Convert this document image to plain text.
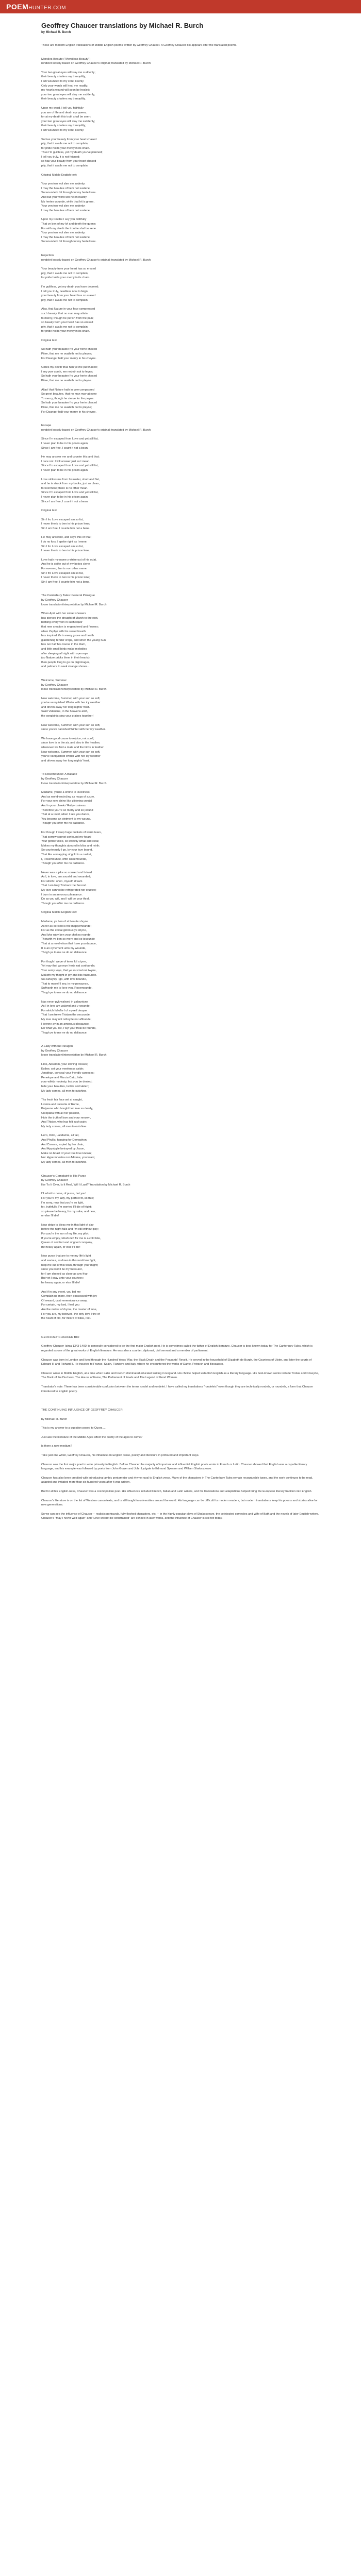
POEMHUNTER.COM
Geoffrey Chaucer translations by Michael R. Burch
by Michael R. Burch
These are modern English translations of Middle English poems written by Geoffrey Chaucer. A Geoffrey Chaucer bio appears after the translated poems.
Merciles Beaute ("Merciless Beauty")
rondelet loosely based on Geoffrey Chaucer's original; translated by Michael R. Burch
Your two great eyes will slay me suddenly;
their beauty shatters my tranquility;
I am wounded to my core, keenly.
Only your words will heal me readily;
my heart's wound will soon be healed;
your two great eyes will slay me suddenly;
their beauty shatters my tranquility.
Upon my word, I tell you faithfully
you are of life and death my queen;
for at my death this truth shall be seen:
your two great eyes will slay me suddenly;
their beauty shatters my tranquility;
I am wounded to my core, keenly.
So has your beauty from your heart chased
pity, that it avails me not to complain;
for pride holds your mercy in its chain.
Thus I'm guiltless, yet my death you've planned;
I tell you truly, it is not feigned;
so has your beauty from your heart chased
pity, that it avails me not to complain.
Original Middle English text:
Your yen two wol slee me sodenly;
I may the beautee of hem not sustene,
So woundeth hit thourghout my herte kene.
And but your word wol helen hastily
My hertes wounde, while that hit is grene,
Your yen two wol slee me sodenly;
I may the beautee of hem not sustene.
Upon my trouthe I sey you feithfully
That ye ben of my lyf and deeth the quene;
For with my deeth the trouthe shal be sene.
Your yen two wol slee me sodenly;
I may the beautee of hem not sustene,
So woundeth hit thourghout my herte kene.
Rejection
rondelet loosely based on Geoffrey Chaucer's original; translated by Michael R. Burch
Your beauty from your heart has so erased
pity, that it avails me not to complain;
for pride holds your mercy in its chain.
I'm guiltless, yet my death you have decreed;
I tell you truly, needless now to feign:
your beauty from your heart has so erased
pity, that it avails me not to complain.
Alas, that Nature in your face compressed
such beauty, that no man may attain
to mercy, though he perish from the pain;
so beauty from your heart has so erased
pity, that it avails me not to complain;
for pride holds your mercy in its chain.
Original text:
So hath your beautee fro your herte chaced
Pitee, that me ne availeth not to pleyne;
For Daunger halt your mercy in his cheyne.
Giltles my deeth thus han ye me purchaced;
I sey yow sooth, me nedeth not to feyne;
So hath your beautee fro your herte chaced
Pitee, that me ne availeth not to pleyne.
Allas! that Nature hath in yow compassed
So greet beautee, that no man may atteyne
To mercy, though he sterve for the peyne.
So hath your beautee fro your herte chaced
Pitee, that me ne availeth not to pleyne;
For Daunger halt your mercy in his cheyne.
Escape
rondelet loosely based on Geoffrey Chaucer's original; translated by Michael R. Burch
Since I'm escaped from Love and yet still fat,
I never plan to be in his prison again;
Since I am free, I count it not a bean.
He may answer me and counter this and that;
I care not: I will answer just as I mean.
Since I'm escaped from Love and yet still fat,
I never plan to be in his prison again.
Love strikes me from his roster, short and flat,
and he is struck from my books, just as clean,
forevermore; there is no other mean.
Since I'm escaped from Love and yet still fat,
I never plan to be in his prison again;
Since I am free, I count it not a bean.
Original text:
Sin I fro Love escaped am so fat,
I never thenk to ben in his prison lene;
Sin I am free, I counte him not a bene.
He may answere, and seye this or that;
I do no fors, I speke right as I mene.
Sin I fro Love escaped am so fat,
I never thenk to ben in his prison lene.
Love hath my name y-strike out of his sclat,
And he is strike out of my bokes clene
For evermo; ther is non other mene.
Sin I fro Love escaped am so fat,
I never thenk to ben in his prison lene;
Sin I am free, I counte him not a bene.
The Canterbury Tales: General Prologue
by Geoffrey Chaucer
loose translation/interpretation by Michael R. Burch
When April with her sweet showers
has pierced the drought of March to the root,
bathing every vein in such liquor
that new creation is engendered and flowers;
when Zephyr with his sweet breath
has inspired life in every grove and heath
gladdening tender crops, and when the young Sun
has run half his course in the Ram,
and little small birds make melodies
after sleeping all night with open eye
(so Nature pricks them in their hearts),
then people long to go on pilgrimages,
and palmers to seek strange shores...
Welcome, Summer
by Geoffrey Chaucer
loose translation/interpretation by Michael R. Burch
Now welcome, Summer, with your sun so soft,
you've vanquished Winter with her icy weather
and driven away her long nights' frost.
Saint Valentine, in the heavens aloft,
the songbirds sing your praises together!
Now welcome, Summer, with your sun so soft,
since you've banished Winter with her icy weather.
We have good cause to rejoice, not scoff,
since love is in the air, and also in the heather,
whenever we find a mate and the birds in feather.
Now welcome, Summer, with your sun so soft,
you've vanquished Winter with her icy weather
and driven away her long nights' frost.
To Rosemounde: A Ballade
by Geoffrey Chaucer
loose translation/interpretation by Michael R. Burch
Madame, you're a shrine to loveliness
And as world-encircling as maps of azure.
For your rays shine like glittering crystal
And in your cheeks' Ruby-rosiness
Therefore you're so merry and so jocund
That at a revel, when I see you dance,
You become an ointment to my wound,
Though you offer me no dalliance.
For though I weep huge buckets of warm tears,
That sorrow cannot confound my heart;
Your gentle voice, so sweetly small and clear,
Makes my thoughts abound in bliss and mirth;
So courteously I go, by your love bound,
That like a wrapping of gold in a casket,
I, Rosemounde, offer Rosemounde,
Though you offer me no dalliance.
Never was a pike so soused and brined
As I, in love, am sousèd and wounded;
For which I often, myself, dream
That I am truly Tristram the Second.
My love cannot be refrigerated nor crusted;
I burn in an amorous pleasance.
Do as you will, and I will be your thrall,
Though you offer me no dalliance.
Original Middle English text:
Madame, ye ben of al beaute shryne
As fer as cercled is the mappemounde;
For as the cristal glorious ye shyne,
And lyke ruby ben your chekes rounde.
Therwith ye ben so mery and so jocounde
That at a revel whan that I see you daunce,
It is an oynement unto my wounde,
Thogh ye to me ne do no daliaunce.
For thogh I wepe of teres ful a tyne,
Yet may that wo myn herte nat confounde;
Your semy voys, that ye so smal out twyne,
Maketh my thoght in joy and blis habounde.
So curtaysly I go, with love bounde,
That to myself I sey, in my penaunce,
Suffyseth me to love you, Rosemounde,
Thogh ye to me ne do no daliaunce.
Nas never pyk walwed in galauntyne
As I in love am walwed and y-wounde;
For which ful ofte I of myself devyne
That I am trewe Tristam the secounde.
My love may not refreyde nor affounde;
I brenne ay in an amorous plesaunce.
Do what you list, I wyl your thral be founde,
Thogh ye to me ne do no daliaunce.
A Lady without Paragon
by Geoffrey Chaucer
loose translation/interpretation by Michael R. Burch
Hide, Absalom, your shining tresses;
Esther, set your meekness aside;
Jonathan, conceal your friendly caresses;
Penelope and Marcia Cato, hide
your wifely modesty, lest you be denied;
hide your beauties, Isolde and Helen;
My lady comes, all men to outshine.
Thy fresh fair face set at naught,
Lavinia and Lucretia of Rome,
Polyxena who bought her love so dearly,
Cleopatra with all her passion,
Hide the truth of love and your renown,
And Thisbe, who has felt such pain;
My lady comes, all men to outshine.
Hero, Dido, Laodamia, all fair,
And Phyllis, hanging for Demophon,
And Canace, espied by her chair,
And Hypsipyle betrayed by Jason,
Make no boast of your true love known;
Nor Hypermnestra nor Adriane, you twain;
My lady comes, all men to outshine.
Chaucer's Complaint to His Purse
by Geoffrey Chaucer
like "Is It Over, Is It Real, Will It Last?" translation by Michael R. Burch
I'll admit to none, of purse, but you!
For you're my lady, my perfect fit, so true;
I'm sorry, now that you're so light,
for, truthfully, I'm worried I'll die of fright;
so please be heavy, for my sake, and new,
or else I'll die!
Now deign to bless me in this light of day
before the night falls and I'm still without pay;
For you're the sun of my life, my pilot;
If you're empty, what's left for me is a cold bite,
Queen of comfort and of good company,
Be heavy again, or else I'll die!
Now purse that are to me my life's light
and saviour, as down in this world we fight,
help me out of this town, through your might;
since you won't be my treasurer,
for I am shaved as close as any friar.
But yet I pray unto your courtesy:
be heavy again, or else I'll die!
And if in any event, you bid me
Complain no more, then possessed with joy
Of reward, cast remembrance away.
For certain, my lord, I feel you
Are the maker of rhyme, the master of tune,
For you are, my beloved, the only love I tire of
the heart of old, for milord of bliss, rest.
GEOFFREY CHAUCER BIO
Geoffrey Chaucer (circa 1343-1400) is generally considered to be the first major English poet. He is sometimes called the father of English literature. Chaucer is best known today for The Canterbury Tales, which is regarded as one of the great works of English literature. He was also a courtier, diplomat, civil servant and a member of parliament.
Chaucer was born in London and lived through the Hundred Years' War, the Black Death and the Peasants' Revolt. He served in the household of Elizabeth de Burgh, the Countess of Ulster, and later the courts of Edward III and Richard II. He traveled to France, Spain, Flanders and Italy, where he encountered the works of Dante, Petrarch and Boccaccio.
Chaucer wrote in Middle English, at a time when Latin and French dominated educated writing in England. His choice helped establish English as a literary language. His best-known works include Troilus and Criseyde, The Book of the Duchess, The House of Fame, The Parliament of Fowls and The Legend of Good Women.
Translator's note: There has been considerable confusion between the terms rondel and rondelet. I have called my translations "rondelets" even though they are technically rondels, or roundels, a form that Chaucer introduced to English poetry.
THE CONTINUING INFLUENCE OF GEOFFREY CHAUCER
by Michael R. Burch
This is my answer to a question posed to Quora ...
Just ask the literature of the Middle Ages affect the poetry of the ages to come?
Is there a new medium?
Take just one writer, Geoffrey Chaucer, his influence on English prose, poetry and literature in profound and important ways.
Chaucer was the first major poet to write primarily in English. Before Chaucer the majority of important and influential English poets wrote in French or Latin. Chaucer showed that English was a capable literary language, and his example was followed by poets from John Gower and John Lydgate to Edmund Spenser and William Shakespeare.
Chaucer has also been credited with introducing iambic pentameter and rhyme royal to English verse. Many of the characters in The Canterbury Tales remain recognizable types, and the work continues to be read, adapted and imitated more than six hundred years after it was written.
But for all his English-ness, Chaucer was a cosmopolitan poet. His influences included French, Italian and Latin writers, and his translations and adaptations helped bring the European literary tradition into English.
Chaucer's literature is on the list of Western canon texts, and is still taught in universities around the world. His language can be difficult for modern readers, but modern translations keep his poems and stories alive for new generations.
So we can see the influence of Chaucer -- realistic portrayals, fully fleshed characters, etc. -- in the highly popular plays of Shakespeare, the celebrated comedies and Wife of Bath and the novels of later English writers. Chaucer's "May I never wed again" and "Love will not be constrained" are echoed in later works, and the influence of Chaucer is still felt today.
